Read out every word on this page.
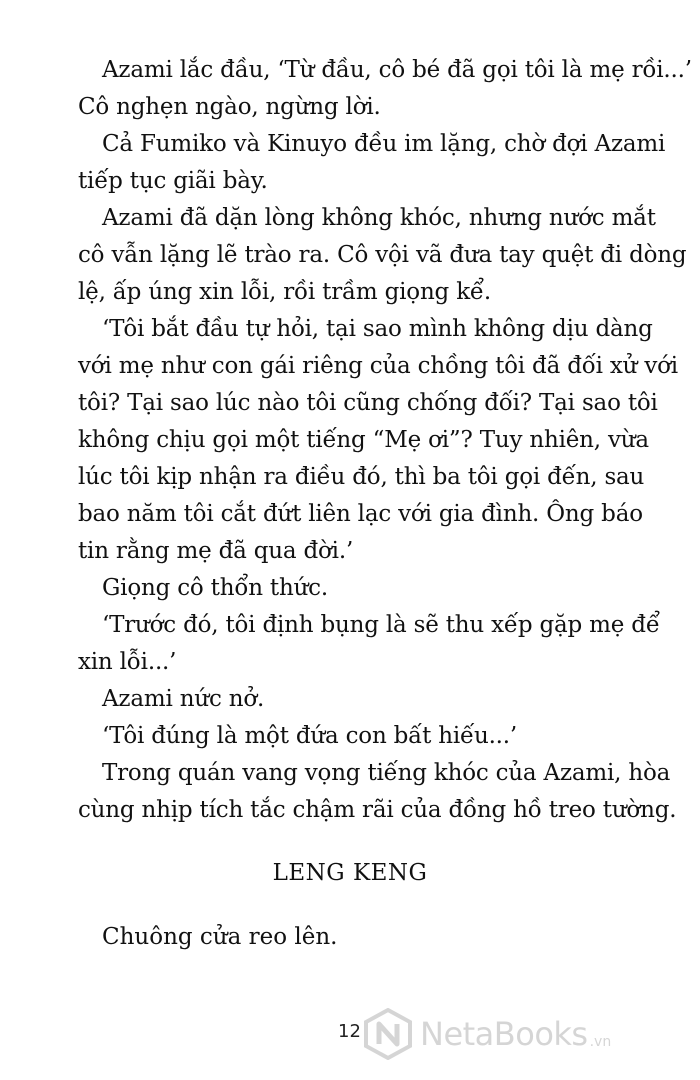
Azami lắc đầu, ‘Từ đầu, cô bé đã gọi tôi là mẹ rồi...’
Cô nghẹn ngào, ngừng lời.
Cả Fumiko và Kinuyo đều im lặng, chờ đợi Azami
tiếp tục giãi bày.
Azami đã dặn lòng không khóc, nhưng nước mắt
cô vẫn lặng lẽ trào ra. Cô vội vã đưa tay quệt đi dòng
lệ, ấp úng xin lỗi, rồi trầm giọng kể.
‘Tôi bắt đầu tự hỏi, tại sao mình không dịu dàng
với mẹ như con gái riêng của chồng tôi đã đối xử với
tôi? Tại sao lúc nào tôi cũng chống đối? Tại sao tôi
không chịu gọi một tiếng “Mẹ ơi”? Tuy nhiên, vừa
lúc tôi kịp nhận ra điều đó, thì ba tôi gọi đến, sau
bao năm tôi cắt đứt liên lạc với gia đình. Ông báo
tin rằng mẹ đã qua đời.’
Giọng cô thổn thức.
‘Trước đó, tôi định bụng là sẽ thu xếp gặp mẹ để
xin lỗi...’
Azami nức nở.
‘Tôi đúng là một đứa con bất hiếu...’
Trong quán vang vọng tiếng khóc của Azami, hòa
cùng nhịp tích tắc chậm rãi của đồng hồ treo tường.
LENG KENG
Chuông cửa reo lên.
12 NetaBooks .vn
